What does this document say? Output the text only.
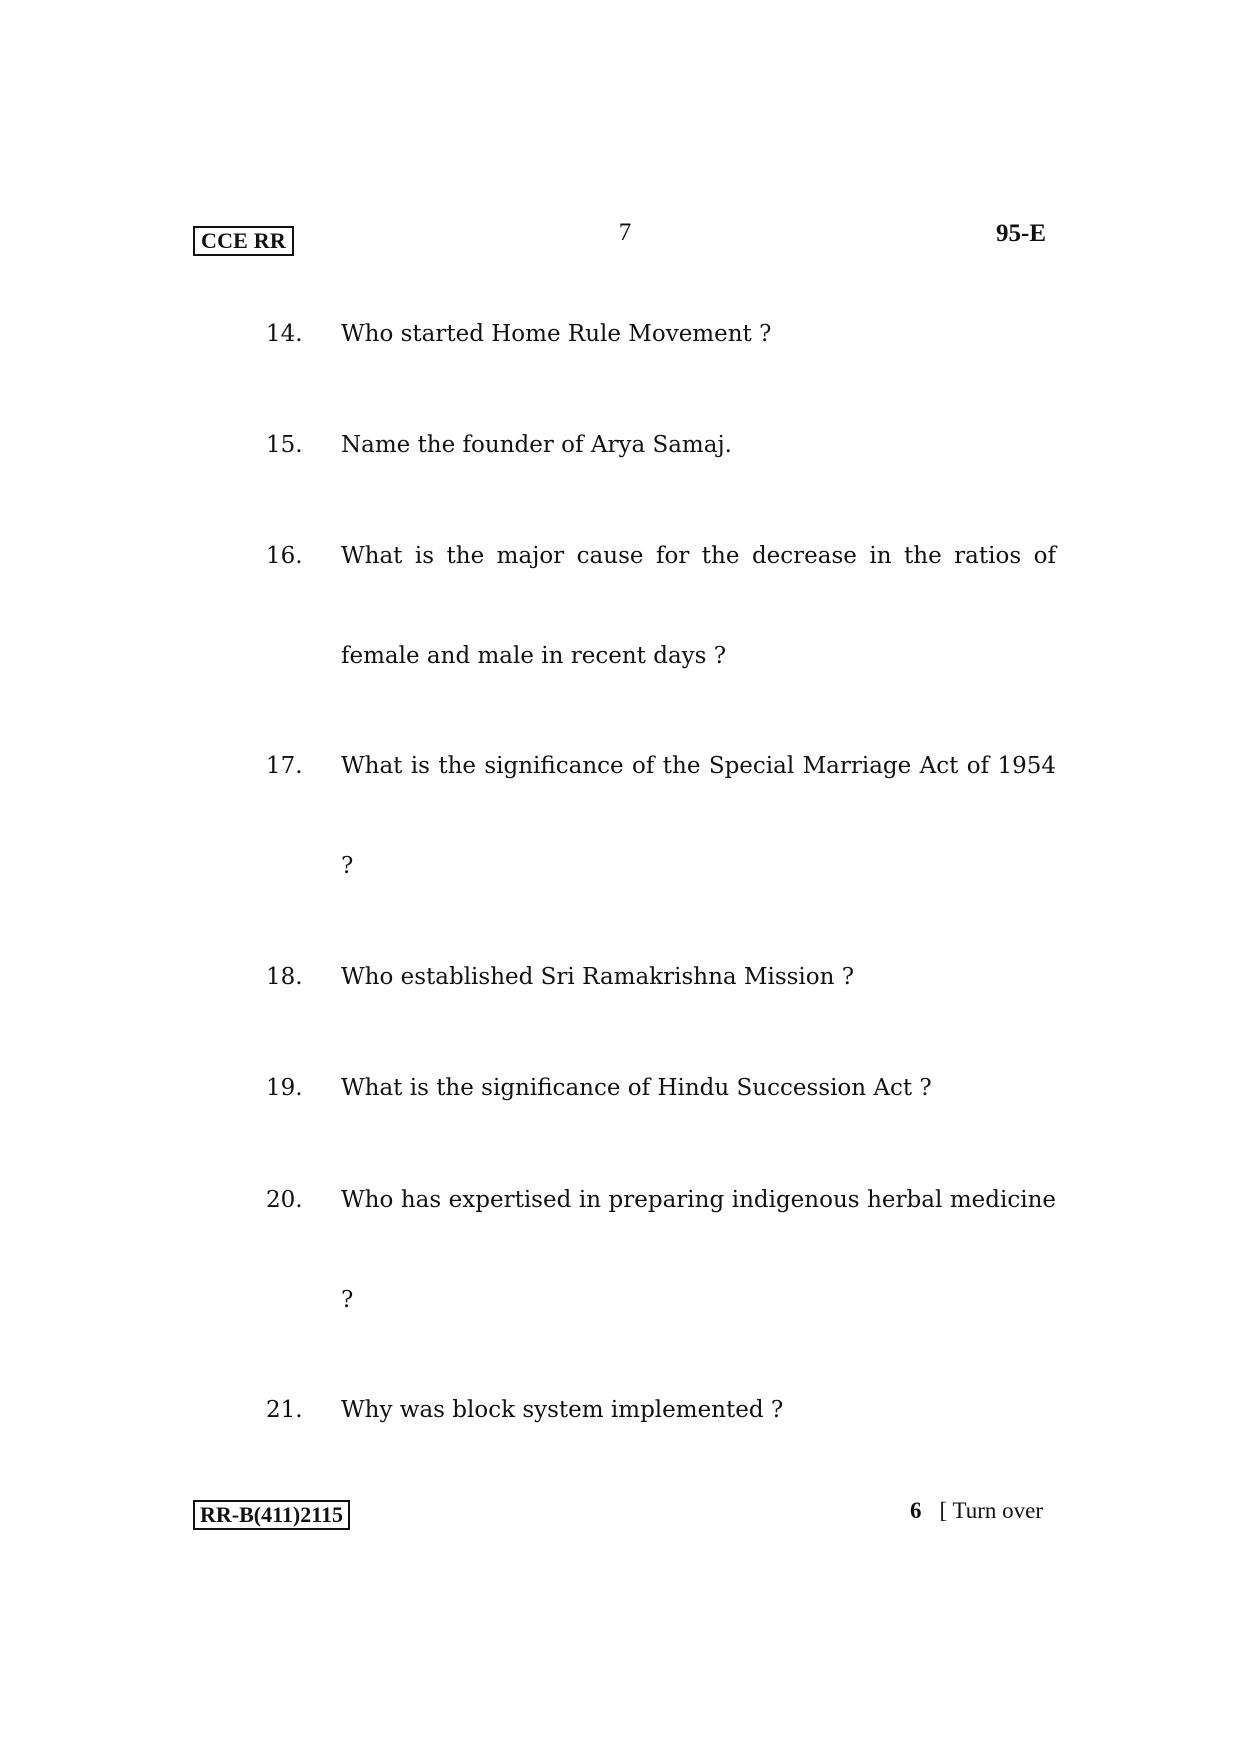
CCE RR	7	95-E
14. Who started Home Rule Movement ?
15. Name the founder of Arya Samaj.
16. What is the major cause for the decrease in the ratios of female and male in recent days ?
17. What is the significance of the Special Marriage Act of 1954 ?
18. Who established Sri Ramakrishna Mission ?
19. What is the significance of Hindu Succession Act ?
20. Who has expertised in preparing indigenous herbal medicine ?
21. Why was block system implemented ?
RR-B(411)2115	6 [ Turn over
